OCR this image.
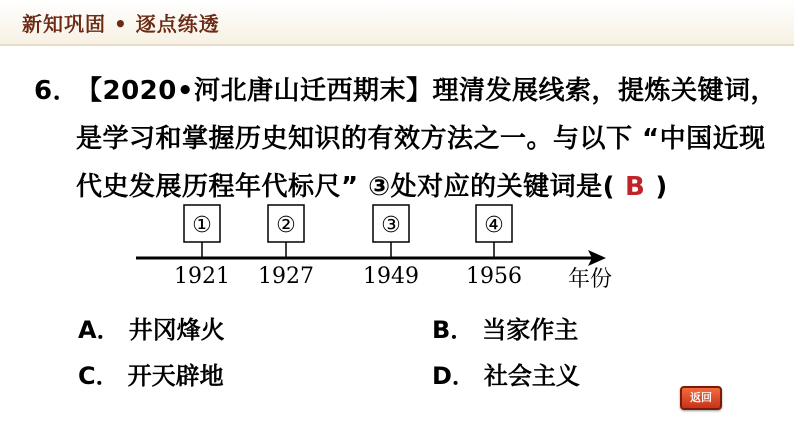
新知巩固 • 逐点练透
6．【2020•河北唐山迁西期末】理清发展线索，提炼关键词，
是学习和掌握历史知识的有效方法之一。与以下 “中国近现
代史发展历程年代标尺” ③处对应的关键词是( B )
①
1921
②
1927
③
1949
④
1956 年份
A． 井冈烽火	B． 当家作主
C． 开天辟地	D． 社会主义
返回
